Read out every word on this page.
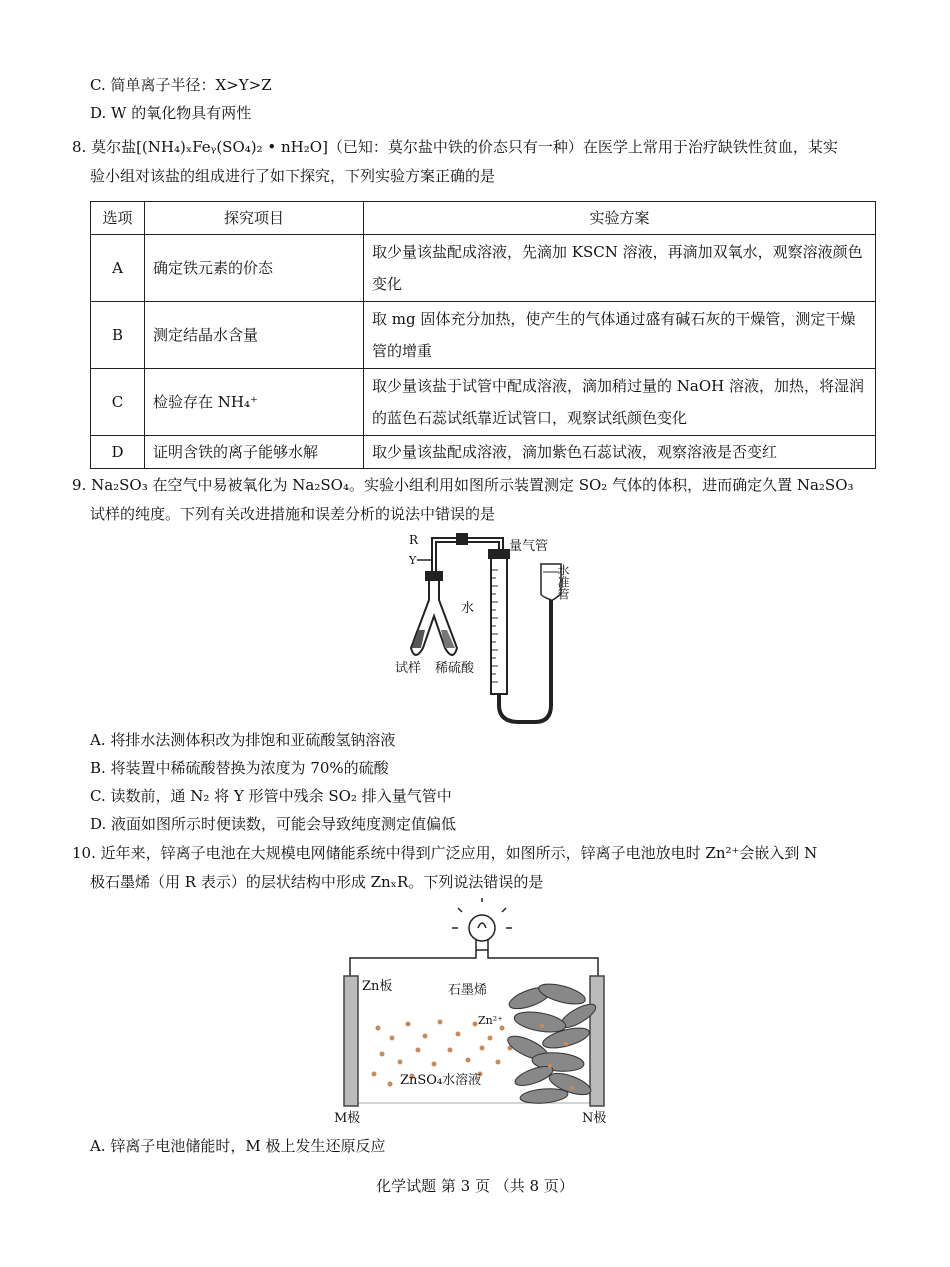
C. 简单离子半径：X>Y>Z
D. W 的氧化物具有两性
8. 莫尔盐[(NH₄)ₓFeᵧ(SO₄)₂ • nH₂O]（已知：莫尔盐中铁的价态只有一种）在医学上常用于治疗缺铁性贫血，某实
验小组对该盐的组成进行了如下探究，下列实验方案正确的是
选项	探究项目	实验方案
A	确定铁元素的价态	取少量该盐配成溶液，先滴加 KSCN 溶液，再滴加双氧水，观察溶液颜色变化
B	测定结晶水含量	取 mg 固体充分加热，使产生的气体通过盛有碱石灰的干燥管，测定干燥管的增重
C	检验存在 NH₄⁺	取少量该盐于试管中配成溶液，滴加稍过量的 NaOH 溶液，加热，将湿润的蓝色石蕊试纸靠近试管口，观察试纸颜色变化
D	证明含铁的离子能够水解	取少量该盐配成溶液，滴加紫色石蕊试液，观察溶液是否变红
9. Na₂SO₃ 在空气中易被氧化为 Na₂SO₄。实验小组利用如图所示装置测定 SO₂ 气体的体积，进而确定久置 Na₂SO₃
试样的纯度。下列有关改进措施和误差分析的说法中错误的是
R
Y
量气管
水
试样 稀硫酸
水准管
A. 将排水法测体积改为排饱和亚硫酸氢钠溶液
B. 将装置中稀硫酸替换为浓度为 70%的硫酸
C. 读数前，通 N₂ 将 Y 形管中残余 SO₂ 排入量气管中
D. 液面如图所示时便读数，可能会导致纯度测定值偏低
10. 近年来，锌离子电池在大规模电网储能系统中得到广泛应用，如图所示，锌离子电池放电时 Zn²⁺会嵌入到 N
极石墨烯（用 R 表示）的层状结构中形成 ZnₓR。下列说法错误的是
Zn板	石墨烯
Zn²⁺
ZnSO₄水溶液
M极	N极
A. 锌离子电池储能时，M 极上发生还原反应
化学试题 第 3 页 （共 8 页）
